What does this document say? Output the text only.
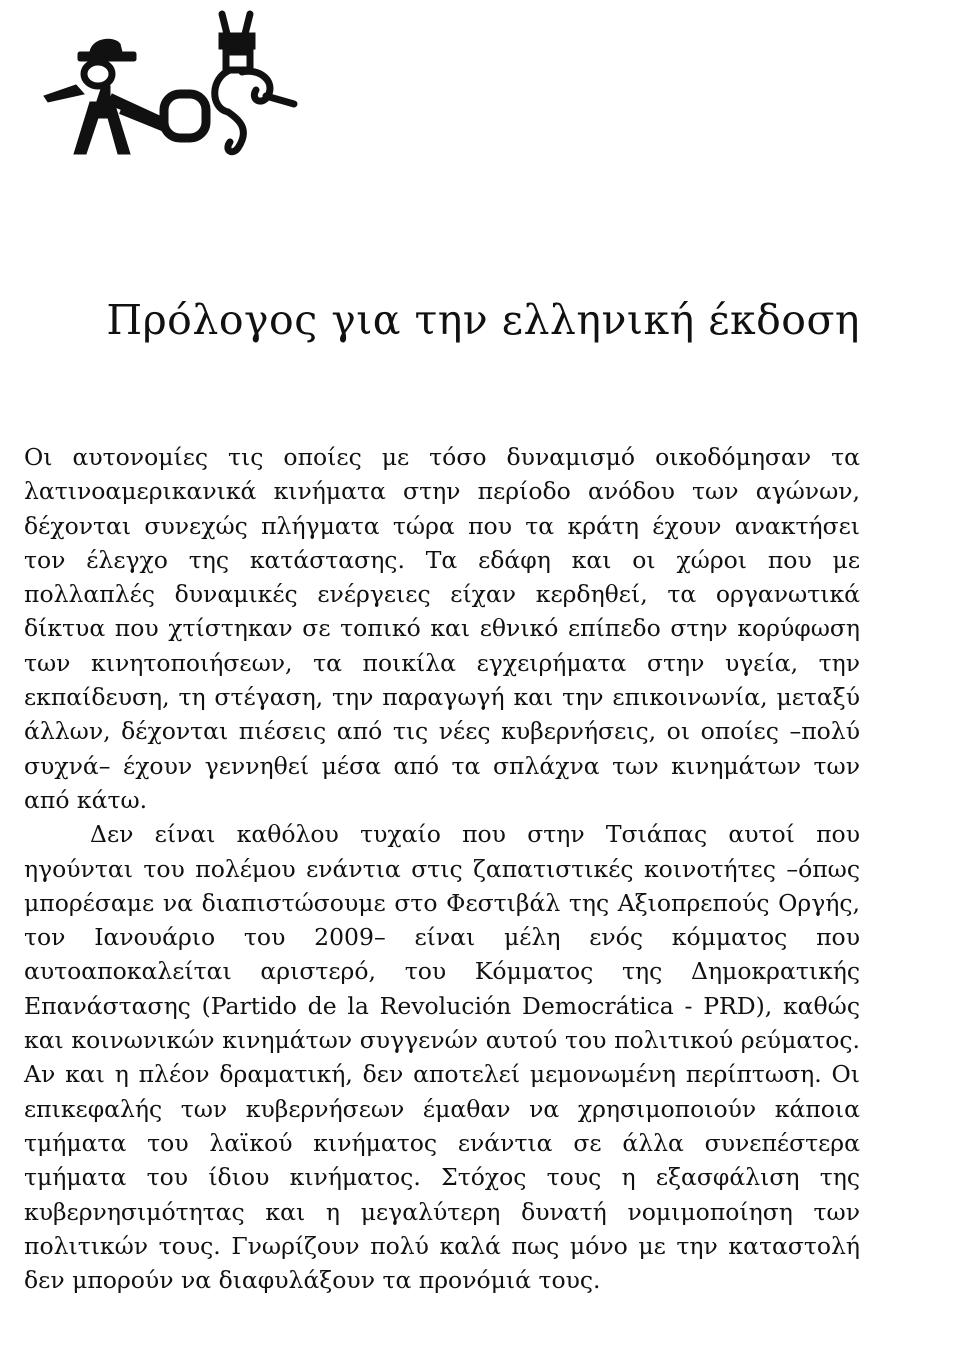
Πρόλογος για την ελληνική έκδοση

Οι αυτονομίες τις οποίες με τόσο δυναμισμό οικοδόμησαν τα λατινοαμερικανικά κινήματα στην περίοδο ανόδου των αγώνων, δέχονται συνεχώς πλήγματα τώρα που τα κράτη έχουν ανακτήσει τον έλεγχο της κατάστασης. Τα εδάφη και οι χώροι που με πολλαπλές δυναμικές ενέργειες είχαν κερδηθεί, τα οργανωτικά δίκτυα που χτίστηκαν σε τοπικό και εθνικό επίπεδο στην κορύφωση των κινητοποιήσεων, τα ποικίλα εγχειρήματα στην υγεία, την εκπαίδευση, τη στέγαση, την παραγωγή και την επικοινωνία, μεταξύ άλλων, δέχονται πιέσεις από τις νέες κυβερνήσεις, οι οποίες –πολύ συχνά– έχουν γεννηθεί μέσα από τα σπλάχνα των κινημάτων των από κάτω.

Δεν είναι καθόλου τυχαίο που στην Τσιάπας αυτοί που ηγούνται του πολέμου ενάντια στις ζαπατιστικές κοινοτήτες –όπως μπορέσαμε να διαπιστώσουμε στο Φεστιβάλ της Αξιοπρεπούς Οργής, τον Ιανουάριο του 2009– είναι μέλη ενός κόμματος που αυτοαποκαλείται αριστερό, του Κόμματος της Δημοκρατικής Επανάστασης (Partido de la Revolución Democrática - PRD), καθώς και κοινωνικών κινημάτων συγγενών αυτού του πολιτικού ρεύματος. Αν και η πλέον δραματική, δεν αποτελεί μεμονωμένη περίπτωση. Οι επικεφαλής των κυβερνήσεων έμαθαν να χρησιμοποιούν κάποια τμήματα του λαϊκού κινήματος ενάντια σε άλλα συνεπέστερα τμήματα του ίδιου κινήματος. Στόχος τους η εξασφάλιση της κυβερνησιμότητας και η μεγαλύτερη δυνατή νομιμοποίηση των πολιτικών τους. Γνωρίζουν πολύ καλά πως μόνο με την καταστολή δεν μπορούν να διαφυλάξουν τα προνόμιά τους.
